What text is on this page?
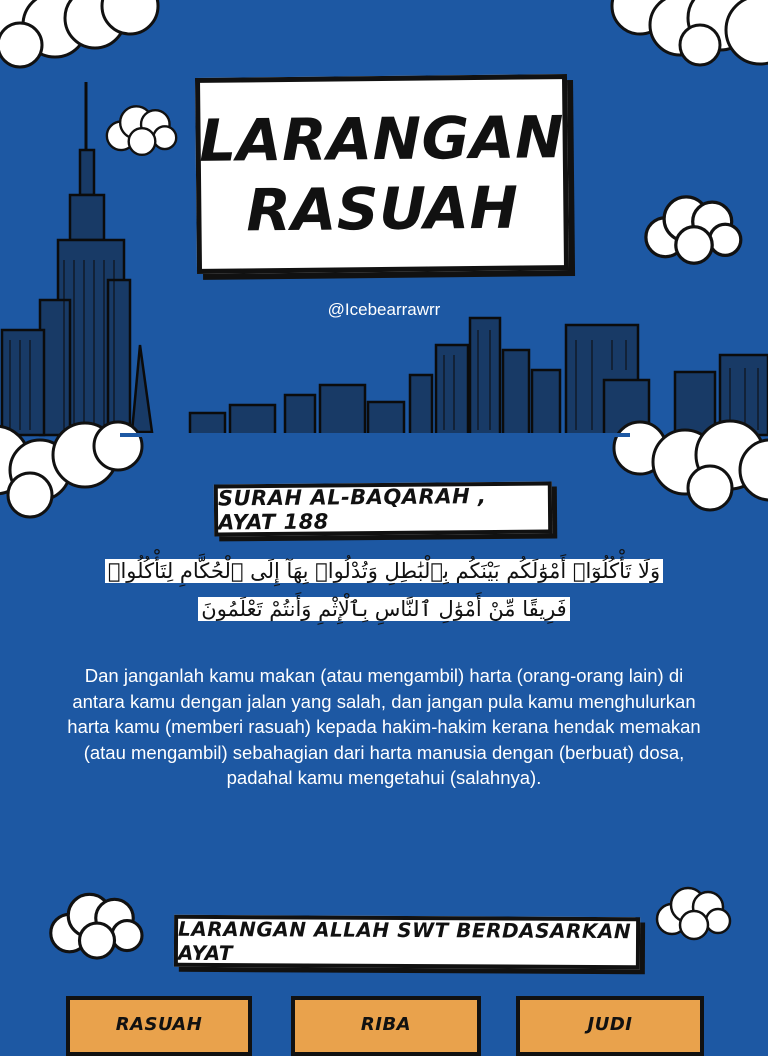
LARANGAN
RASUAH
@Icebearrawrr
SURAH AL-BAQARAH , AYAT 188
وَلَا تَأْكُلُوٓا۟ أَمْوَٰلَكُم بَيْنَكُم بِٱلْبَٰطِلِ وَتُدْلُوا۟ بِهَآ إِلَى ٱلْحُكَّامِ لِتَأْكُلُوا۟
فَرِيقًا مِّنْ أَمْوَٰلِ ٱلنَّاسِ بِٱلْإِثْمِ وَأَنتُمْ تَعْلَمُونَ
Dan janganlah kamu makan (atau mengambil) harta (orang-orang lain) di antara kamu dengan jalan yang salah, dan jangan pula kamu menghulurkan harta kamu (memberi rasuah) kepada hakim-hakim kerana hendak memakan (atau mengambil) sebahagian dari harta manusia dengan (berbuat) dosa, padahal kamu mengetahui (salahnya).
LARANGAN ALLAH SWT BERDASARKAN AYAT
RASUAH	RIBA	JUDI
